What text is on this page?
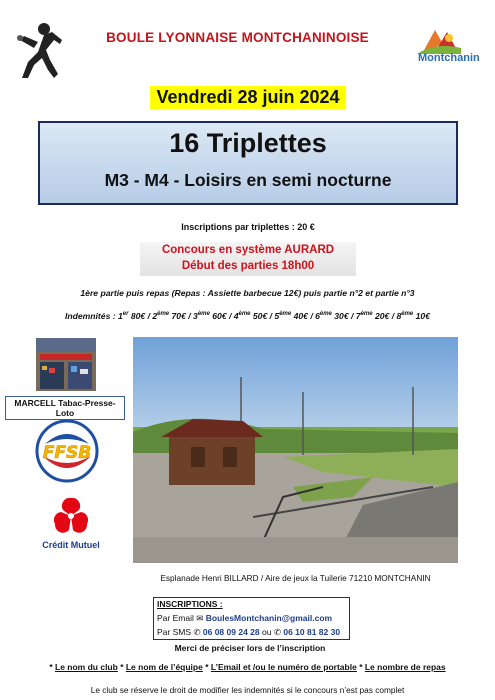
BOULE LYONNAISE MONTCHANINOISE
Montchanin
Vendredi 28 juin 2024
16 Triplettes
M3 - M4 - Loisirs en semi nocturne
Inscriptions par triplettes : 20 €
Concours en système AURARD
Début des parties 18h00
1ère partie puis repas (Repas : Assiette barbecue 12€) puis partie n°2 et partie n°3
Indemnités : 1er 80€ / 2ème 70€ / 3ème 60€ / 4ème 50€ / 5ème 40€ / 6ème 30€ / 7ème 20€ / 8ème 10€
MARCELL Tabac-Presse-Loto
FFSB
Crédit Mutuel
Esplanade Henri BILLARD / Aire de jeux la Tuilerie 71210 MONTCHANIN
INSCRIPTIONS :
Par Email ✉ BoulesMontchanin@gmail.com
Par SMS ✆ 06 08 09 24 28 ou ✆ 06 10 81 82 30
Merci de préciser lors de l’inscription
* Le nom du club * Le nom de l’équipe * L’Email et /ou le numéro de portable * Le nombre de repas
Le club se réserve le droit de modifier les indemnités si le concours n’est pas complet
